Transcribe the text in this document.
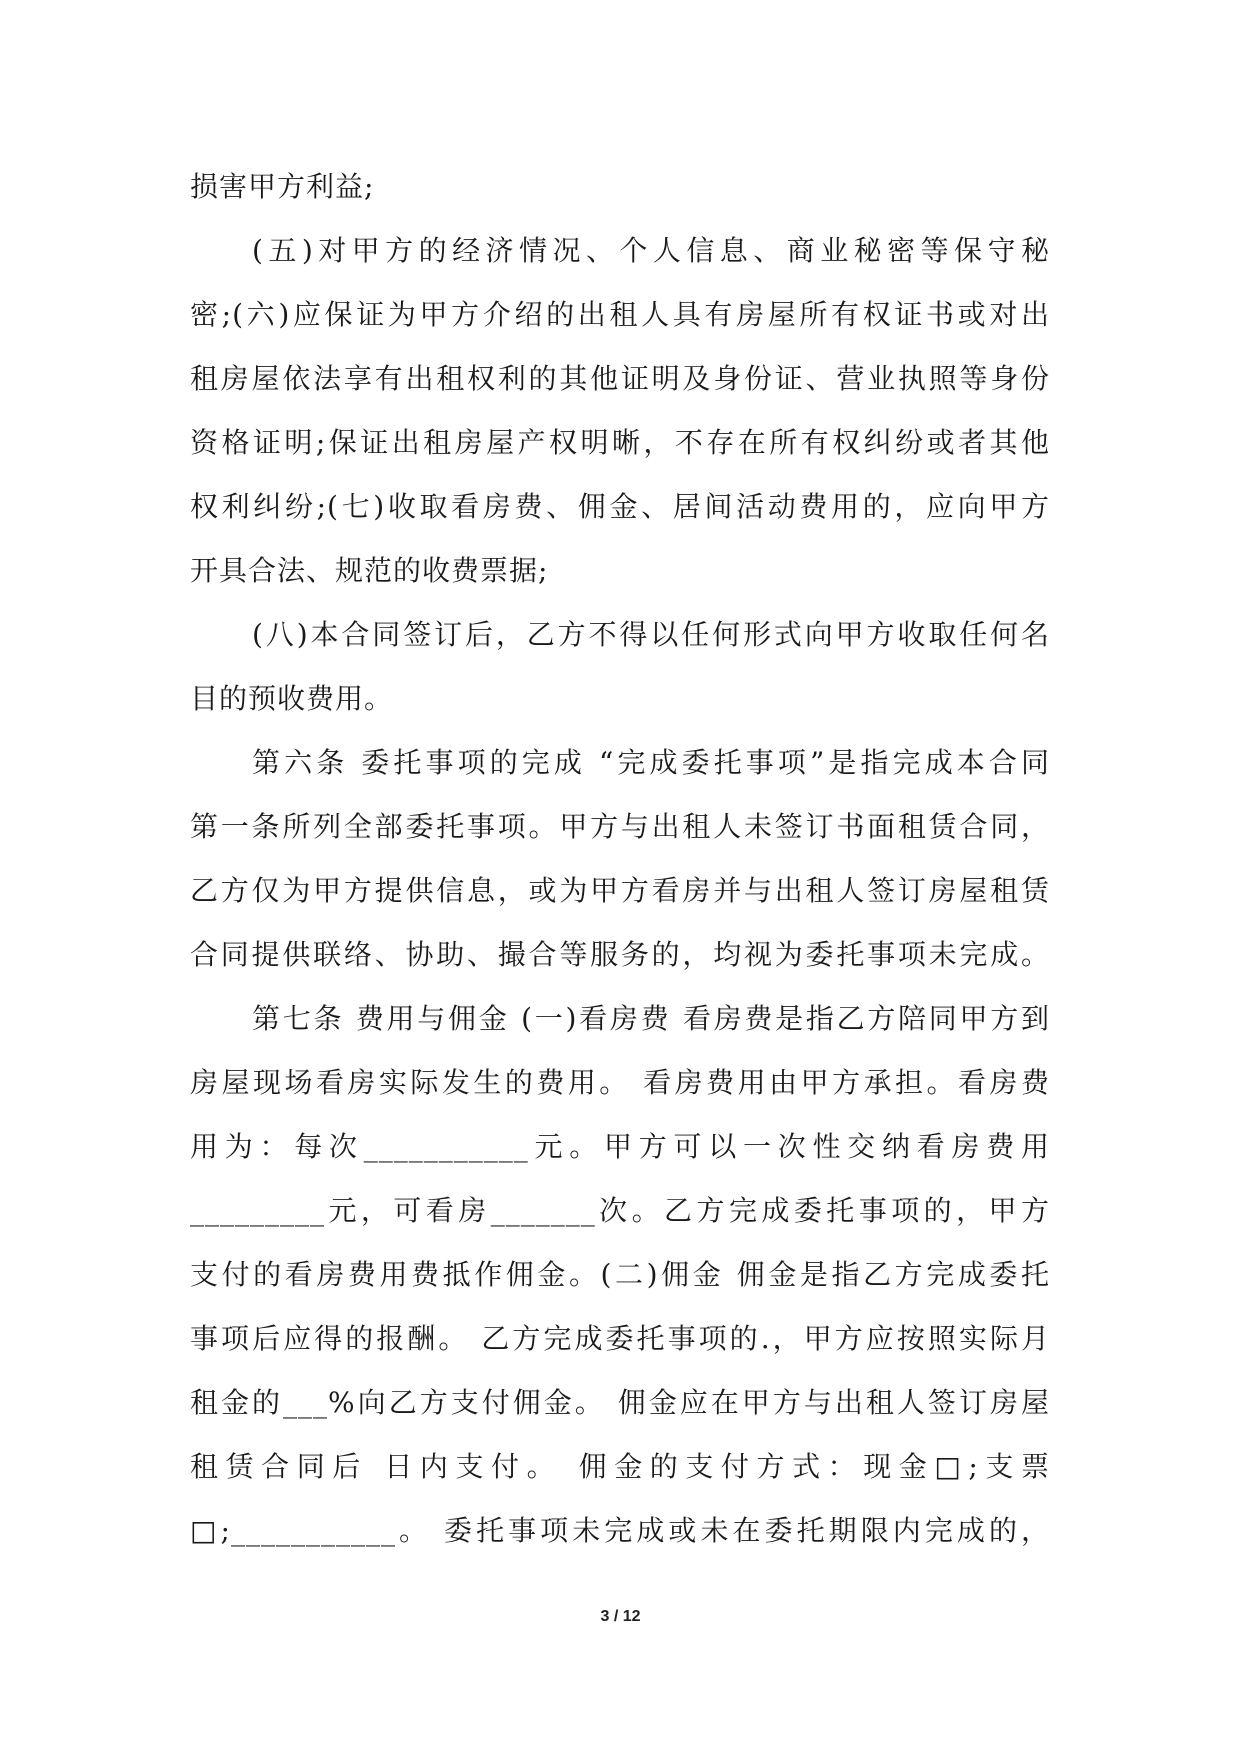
损害甲方利益;
(五)对甲方的经济情况、个人信息、商业秘密等保守秘
密;(六)应保证为甲方介绍的出租人具有房屋所有权证书或对出
租房屋依法享有出租权利的其他证明及身份证、营业执照等身份
资格证明;保证出租房屋产权明晰，不存在所有权纠纷或者其他
权利纠纷;(七)收取看房费、佣金、居间活动费用的，应向甲方
开具合法、规范的收费票据;
(八)本合同签订后，乙方不得以任何形式向甲方收取任何名
目的预收费用。
第六条 委托事项的完成 “完成委托事项”是指完成本合同
第一条所列全部委托事项。甲方与出租人未签订书面租赁合同，
乙方仅为甲方提供信息，或为甲方看房并与出租人签订房屋租赁
合同提供联络、协助、撮合等服务的，均视为委托事项未完成。
第七条 费用与佣金 (一)看房费 看房费是指乙方陪同甲方到
房屋现场看房实际发生的费用。 看房费用由甲方承担。看房费
用为：每次___________元。甲方可以一次性交纳看房费用
_________元，可看房_______次。乙方完成委托事项的，甲方
支付的看房费用费抵作佣金。(二)佣金 佣金是指乙方完成委托
事项后应得的报酬。 乙方完成委托事项的.，甲方应按照实际月
租金的___%向乙方支付佣金。 佣金应在甲方与出租人签订房屋
租赁合同后 日内支付。 佣金的支付方式：现金□;支票
□;___________。 委托事项未完成或未在委托期限内完成的，
3 / 12
